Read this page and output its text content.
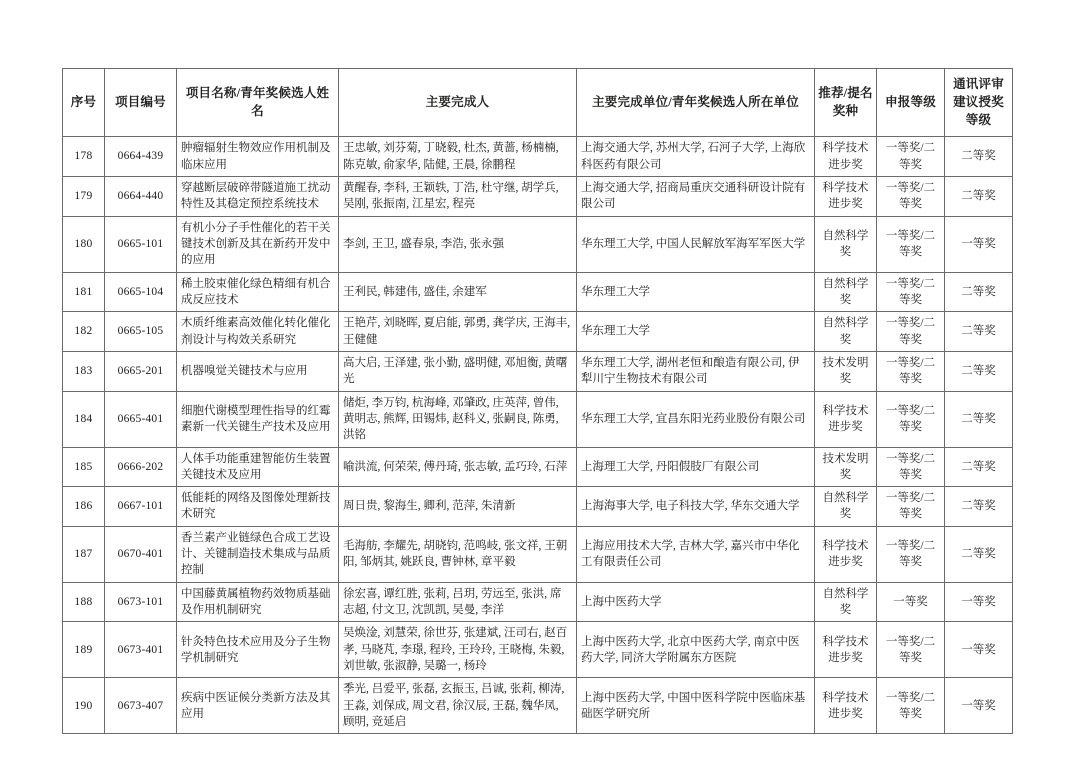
序号	项目编号	项目名称/青年奖候选人姓名	主要完成人	主要完成单位/青年奖候选人所在单位	推荐/提名奖种	申报等级	通讯评审建议授奖等级
178	0664-439	肿瘤辐射生物效应作用机制及临床应用	王忠敏, 刘芬菊, 丁晓毅, 杜杰, 黄蔷, 杨楠楠, 陈克敏, 俞家华, 陆健, 王晨, 徐鹏程	上海交通大学, 苏州大学, 石河子大学, 上海欣科医药有限公司	科学技术进步奖	一等奖/二等奖	二等奖
179	0664-440	穿越断层破碎带隧道施工扰动特性及其稳定预控系统技术	黄醒春, 李科, 王颖轶, 丁浩, 杜守继, 胡学兵, 吴刚, 张振南, 江星宏, 程亮	上海交通大学, 招商局重庆交通科研设计院有限公司	科学技术进步奖	一等奖/二等奖	二等奖
180	0665-101	有机小分子手性催化的若干关键技术创新及其在新药开发中的应用	李剑, 王卫, 盛春泉, 李浩, 张永强	华东理工大学, 中国人民解放军海军军医大学	自然科学奖	一等奖/二等奖	一等奖
181	0665-104	稀土胶束催化绿色精细有机合成反应技术	王利民, 韩建伟, 盛佳, 余建军	华东理工大学	自然科学奖	一等奖/二等奖	二等奖
182	0665-105	木质纤维素高效催化转化催化剂设计与构效关系研究	王艳芹, 刘晓晖, 夏启能, 郭勇, 龚学庆, 王海丰, 王健健	华东理工大学	自然科学奖	一等奖/二等奖	二等奖
183	0665-201	机器嗅觉关键技术与应用	高大启, 王泽建, 张小勤, 盛明健, 邓旭衡, 黄曙光	华东理工大学, 湖州老恒和酿造有限公司, 伊犁川宁生物技术有限公司	技术发明奖	一等奖/二等奖	二等奖
184	0665-401	细胞代谢模型理性指导的红霉素新一代关键生产技术及应用	储炬, 李万钧, 杭海峰, 邓肇政, 庄英萍, 曾伟, 黄明志, 熊辉, 田锡炜, 赵科义, 张嗣良, 陈勇, 洪铭	华东理工大学, 宜昌东阳光药业股份有限公司	科学技术进步奖	一等奖/二等奖	二等奖
185	0666-202	人体手功能重建智能仿生装置关键技术及应用	喻洪流, 何荣荣, 傅丹琦, 张志敏, 孟巧玲, 石萍	上海理工大学, 丹阳假肢厂有限公司	技术发明奖	一等奖/二等奖	二等奖
186	0667-101	低能耗的网络及图像处理新技术研究	周日贵, 黎海生, 卿利, 范萍, 朱清新	上海海事大学, 电子科技大学, 华东交通大学	自然科学奖	一等奖/二等奖	二等奖
187	0670-401	香兰素产业链绿色合成工艺设计、关键制造技术集成与品质控制	毛海舫, 李耀先, 胡晓钧, 范鸣岐, 张文祥, 王朝阳, 邹炳其, 姚跃良, 曹钟林, 章平毅	上海应用技术大学, 吉林大学, 嘉兴市中华化工有限责任公司	科学技术进步奖	一等奖/二等奖	二等奖
188	0673-101	中国藤黄属植物药效物质基础及作用机制研究	徐宏喜, 谭红胜, 张莉, 吕玥, 劳远至, 张洪, 席志超, 付文卫, 沈凯凯, 吴曼, 李洋	上海中医药大学	自然科学奖	一等奖	一等奖
189	0673-401	针灸特色技术应用及分子生物学机制研究	吴焕淦, 刘慧荣, 徐世芬, 张建斌, 汪司右, 赵百孝, 马晓芃, 李璟, 程玲, 王玲玲, 王晓梅, 朱毅, 刘世敏, 张淑静, 吴璐一, 杨玲	上海中医药大学, 北京中医药大学, 南京中医药大学, 同济大学附属东方医院	科学技术进步奖	一等奖/二等奖	一等奖
190	0673-407	疾病中医证候分类新方法及其应用	季光, 吕爱平, 张磊, 玄振玉, 吕诚, 张莉, 柳涛, 王淼, 刘保成, 周文君, 徐汉辰, 王磊, 魏华凤, 顾明, 竞延启	上海中医药大学, 中国中医科学院中医临床基础医学研究所	科学技术进步奖	一等奖/二等奖	一等奖
